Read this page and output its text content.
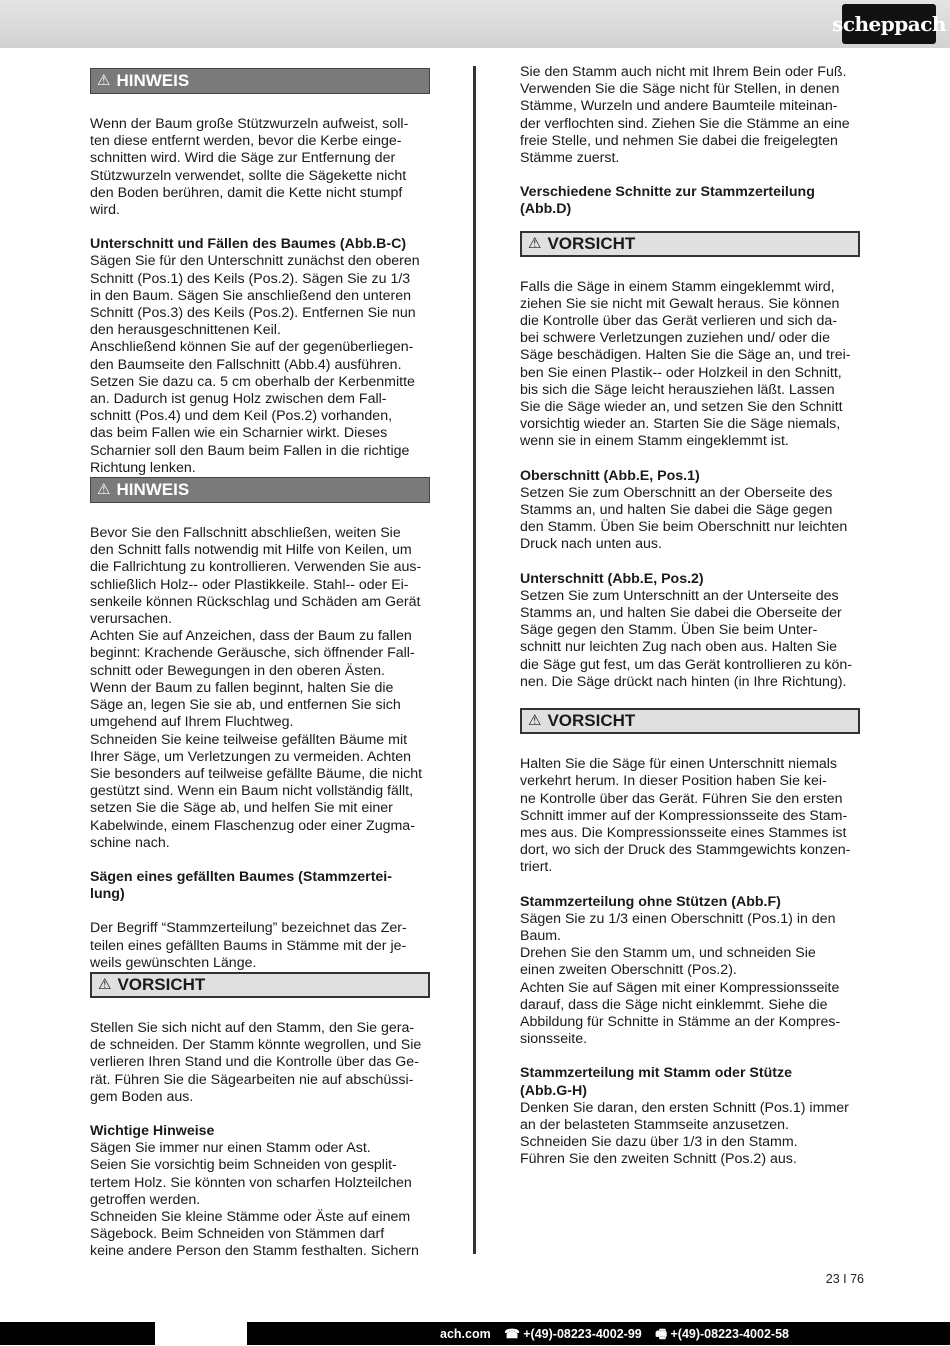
scheppach
⚠ HINWEIS
Wenn der Baum große Stützwurzeln aufweist, soll-
ten diese entfernt werden, bevor die Kerbe einge-
schnitten wird. Wird die Säge zur Entfernung der
Stützwurzeln verwendet, sollte die Sägekette nicht
den Boden berühren, damit die Kette nicht stumpf
wird.
Unterschnitt und Fällen des Baumes (Abb.B-C)
Sägen Sie für den Unterschnitt zunächst den oberen
Schnitt (Pos.1) des Keils (Pos.2). Sägen Sie zu 1/3
in den Baum. Sägen Sie anschließend den unteren
Schnitt (Pos.3) des Keils (Pos.2). Entfernen Sie nun
den herausgeschnittenen Keil.
Anschließend können Sie auf der gegenüberliegen-
den Baumseite den Fallschnitt (Abb.4) ausführen.
Setzen Sie dazu ca. 5 cm oberhalb der Kerbenmitte
an. Dadurch ist genug Holz zwischen dem Fall-
schnitt (Pos.4) und dem Keil (Pos.2) vorhanden,
das beim Fallen wie ein Scharnier wirkt. Dieses
Scharnier soll den Baum beim Fallen in die richtige
Richtung lenken.
⚠ HINWEIS
Bevor Sie den Fallschnitt abschließen, weiten Sie
den Schnitt falls notwendig mit Hilfe von Keilen, um
die Fallrichtung zu kontrollieren. Verwenden Sie aus-
schließlich Holz-- oder Plastikkeile. Stahl-- oder Ei-
senkeile können Rückschlag und Schäden am Gerät
verursachen.
Achten Sie auf Anzeichen, dass der Baum zu fallen
beginnt: Krachende Geräusche, sich öffnender Fall-
schnitt oder Bewegungen in den oberen Ästen.
Wenn der Baum zu fallen beginnt, halten Sie die
Säge an, legen Sie sie ab, und entfernen Sie sich
umgehend auf Ihrem Fluchtweg.
Schneiden Sie keine teilweise gefällten Bäume mit
Ihrer Säge, um Verletzungen zu vermeiden. Achten
Sie besonders auf teilweise gefällte Bäume, die nicht
gestützt sind. Wenn ein Baum nicht vollständig fällt,
setzen Sie die Säge ab, und helfen Sie mit einer
Kabelwinde, einem Flaschenzug oder einer Zugma-
schine nach.
Sägen eines gefällten Baumes (Stammzertei-
lung)
Der Begriff “Stammzerteilung” bezeichnet das Zer-
teilen eines gefällten Baums in Stämme mit der je-
weils gewünschten Länge.
⚠ VORSICHT
Stellen Sie sich nicht auf den Stamm, den Sie gera-
de schneiden. Der Stamm könnte wegrollen, und Sie
verlieren Ihren Stand und die Kontrolle über das Ge-
rät. Führen Sie die Sägearbeiten nie auf abschüssi-
gem Boden aus.
Wichtige Hinweise
Sägen Sie immer nur einen Stamm oder Ast.
Seien Sie vorsichtig beim Schneiden von gesplit-
tertem Holz. Sie könnten von scharfen Holzteilchen
getroffen werden.
Schneiden Sie kleine Stämme oder Äste auf einem
Sägebock. Beim Schneiden von Stämmen darf
keine andere Person den Stamm festhalten. Sichern
Sie den Stamm auch nicht mit Ihrem Bein oder Fuß.
Verwenden Sie die Säge nicht für Stellen, in denen
Stämme, Wurzeln und andere Baumteile miteinan-
der verflochten sind. Ziehen Sie die Stämme an eine
freie Stelle, und nehmen Sie dabei die freigelegten
Stämme zuerst.
Verschiedene Schnitte zur Stammzerteilung
(Abb.D)
⚠ VORSICHT
Falls die Säge in einem Stamm eingeklemmt wird,
ziehen Sie sie nicht mit Gewalt heraus. Sie können
die Kontrolle über das Gerät verlieren und sich da-
bei schwere Verletzungen zuziehen und/ oder die
Säge beschädigen. Halten Sie die Säge an, und trei-
ben Sie einen Plastik-- oder Holzkeil in den Schnitt,
bis sich die Säge leicht herausziehen läßt. Lassen
Sie die Säge wieder an, und setzen Sie den Schnitt
vorsichtig wieder an. Starten Sie die Säge niemals,
wenn sie in einem Stamm eingeklemmt ist.
Oberschnitt (Abb.E, Pos.1)
Setzen Sie zum Oberschnitt an der Oberseite des
Stamms an, und halten Sie dabei die Säge gegen
den Stamm. Üben Sie beim Oberschnitt nur leichten
Druck nach unten aus.
Unterschnitt (Abb.E, Pos.2)
Setzen Sie zum Unterschnitt an der Unterseite des
Stamms an, und halten Sie dabei die Oberseite der
Säge gegen den Stamm. Üben Sie beim Unter-
schnitt nur leichten Zug nach oben aus. Halten Sie
die Säge gut fest, um das Gerät kontrollieren zu kön-
nen. Die Säge drückt nach hinten (in Ihre Richtung).
⚠ VORSICHT
Halten Sie die Säge für einen Unterschnitt niemals
verkehrt herum. In dieser Position haben Sie kei-
ne Kontrolle über das Gerät. Führen Sie den ersten
Schnitt immer auf der Kompressionsseite des Stam-
mes aus. Die Kompressionsseite eines Stammes ist
dort, wo sich der Druck des Stammgewichts konzen-
triert.
Stammzerteilung ohne Stützen (Abb.F)
Sägen Sie zu 1/3 einen Oberschnitt (Pos.1) in den
Baum.
Drehen Sie den Stamm um, und schneiden Sie
einen zweiten Oberschnitt (Pos.2).
Achten Sie auf Sägen mit einer Kompressionsseite
darauf, dass die Säge nicht einklemmt. Siehe die
Abbildung für Schnitte in Stämme an der Kompres-
sionsseite.
Stammzerteilung mit Stamm oder Stütze
(Abb.G-H)
Denken Sie daran, den ersten Schnitt (Pos.1) immer
an der belasteten Stammseite anzusetzen.
Schneiden Sie dazu über 1/3 in den Stamm.
Führen Sie den zweiten Schnitt (Pos.2) aus.
23 I 76
ach.com ☎ +(49)-08223-4002-99 🖷 +(49)-08223-4002-58
